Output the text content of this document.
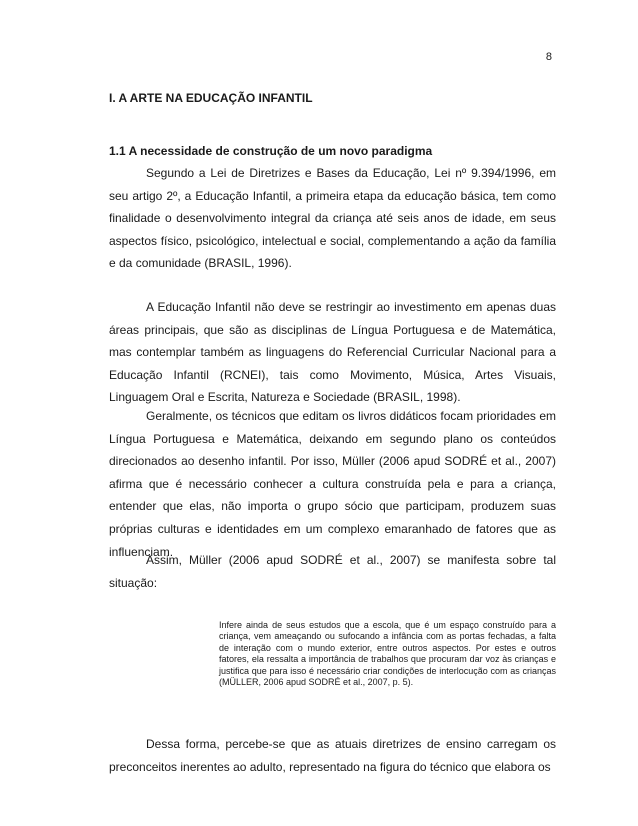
8
I. A ARTE NA EDUCAÇÃO INFANTIL
1.1 A necessidade de construção de um novo paradigma

Segundo a Lei de Diretrizes e Bases da Educação, Lei nº 9.394/1996, em seu artigo 2º, a Educação Infantil, a primeira etapa da educação básica, tem como finalidade o desenvolvimento integral da criança até seis anos de idade, em seus aspectos físico, psicológico, intelectual e social, complementando a ação da família e da comunidade (BRASIL, 1996).

A Educação Infantil não deve se restringir ao investimento em apenas duas áreas principais, que são as disciplinas de Língua Portuguesa e de Matemática, mas contemplar também as linguagens do Referencial Curricular Nacional para a Educação Infantil (RCNEI), tais como Movimento, Música, Artes Visuais, Linguagem Oral e Escrita, Natureza e Sociedade (BRASIL, 1998).

Geralmente, os técnicos que editam os livros didáticos focam prioridades em Língua Portuguesa e Matemática, deixando em segundo plano os conteúdos direcionados ao desenho infantil. Por isso, Müller (2006 apud SODRÉ et al., 2007) afirma que é necessário conhecer a cultura construída pela e para a criança, entender que elas, não importa o grupo sócio que participam, produzem suas próprias culturas e identidades em um complexo emaranhado de fatores que as influenciam.

Assim, Müller (2006 apud SODRÉ et al., 2007) se manifesta sobre tal situação:

Infere ainda de seus estudos que a escola, que é um espaço construído para a criança, vem ameaçando ou sufocando a infância com as portas fechadas, a falta de interação com o mundo exterior, entre outros aspectos. Por estes e outros fatores, ela ressalta a importância de trabalhos que procuram dar voz às crianças e justifica que para isso é necessário criar condições de interlocução com as crianças (MÜLLER, 2006 apud SODRÉ et al., 2007, p. 5).

Dessa forma, percebe-se que as atuais diretrizes de ensino carregam os preconceitos inerentes ao adulto, representado na figura do técnico que elabora os
